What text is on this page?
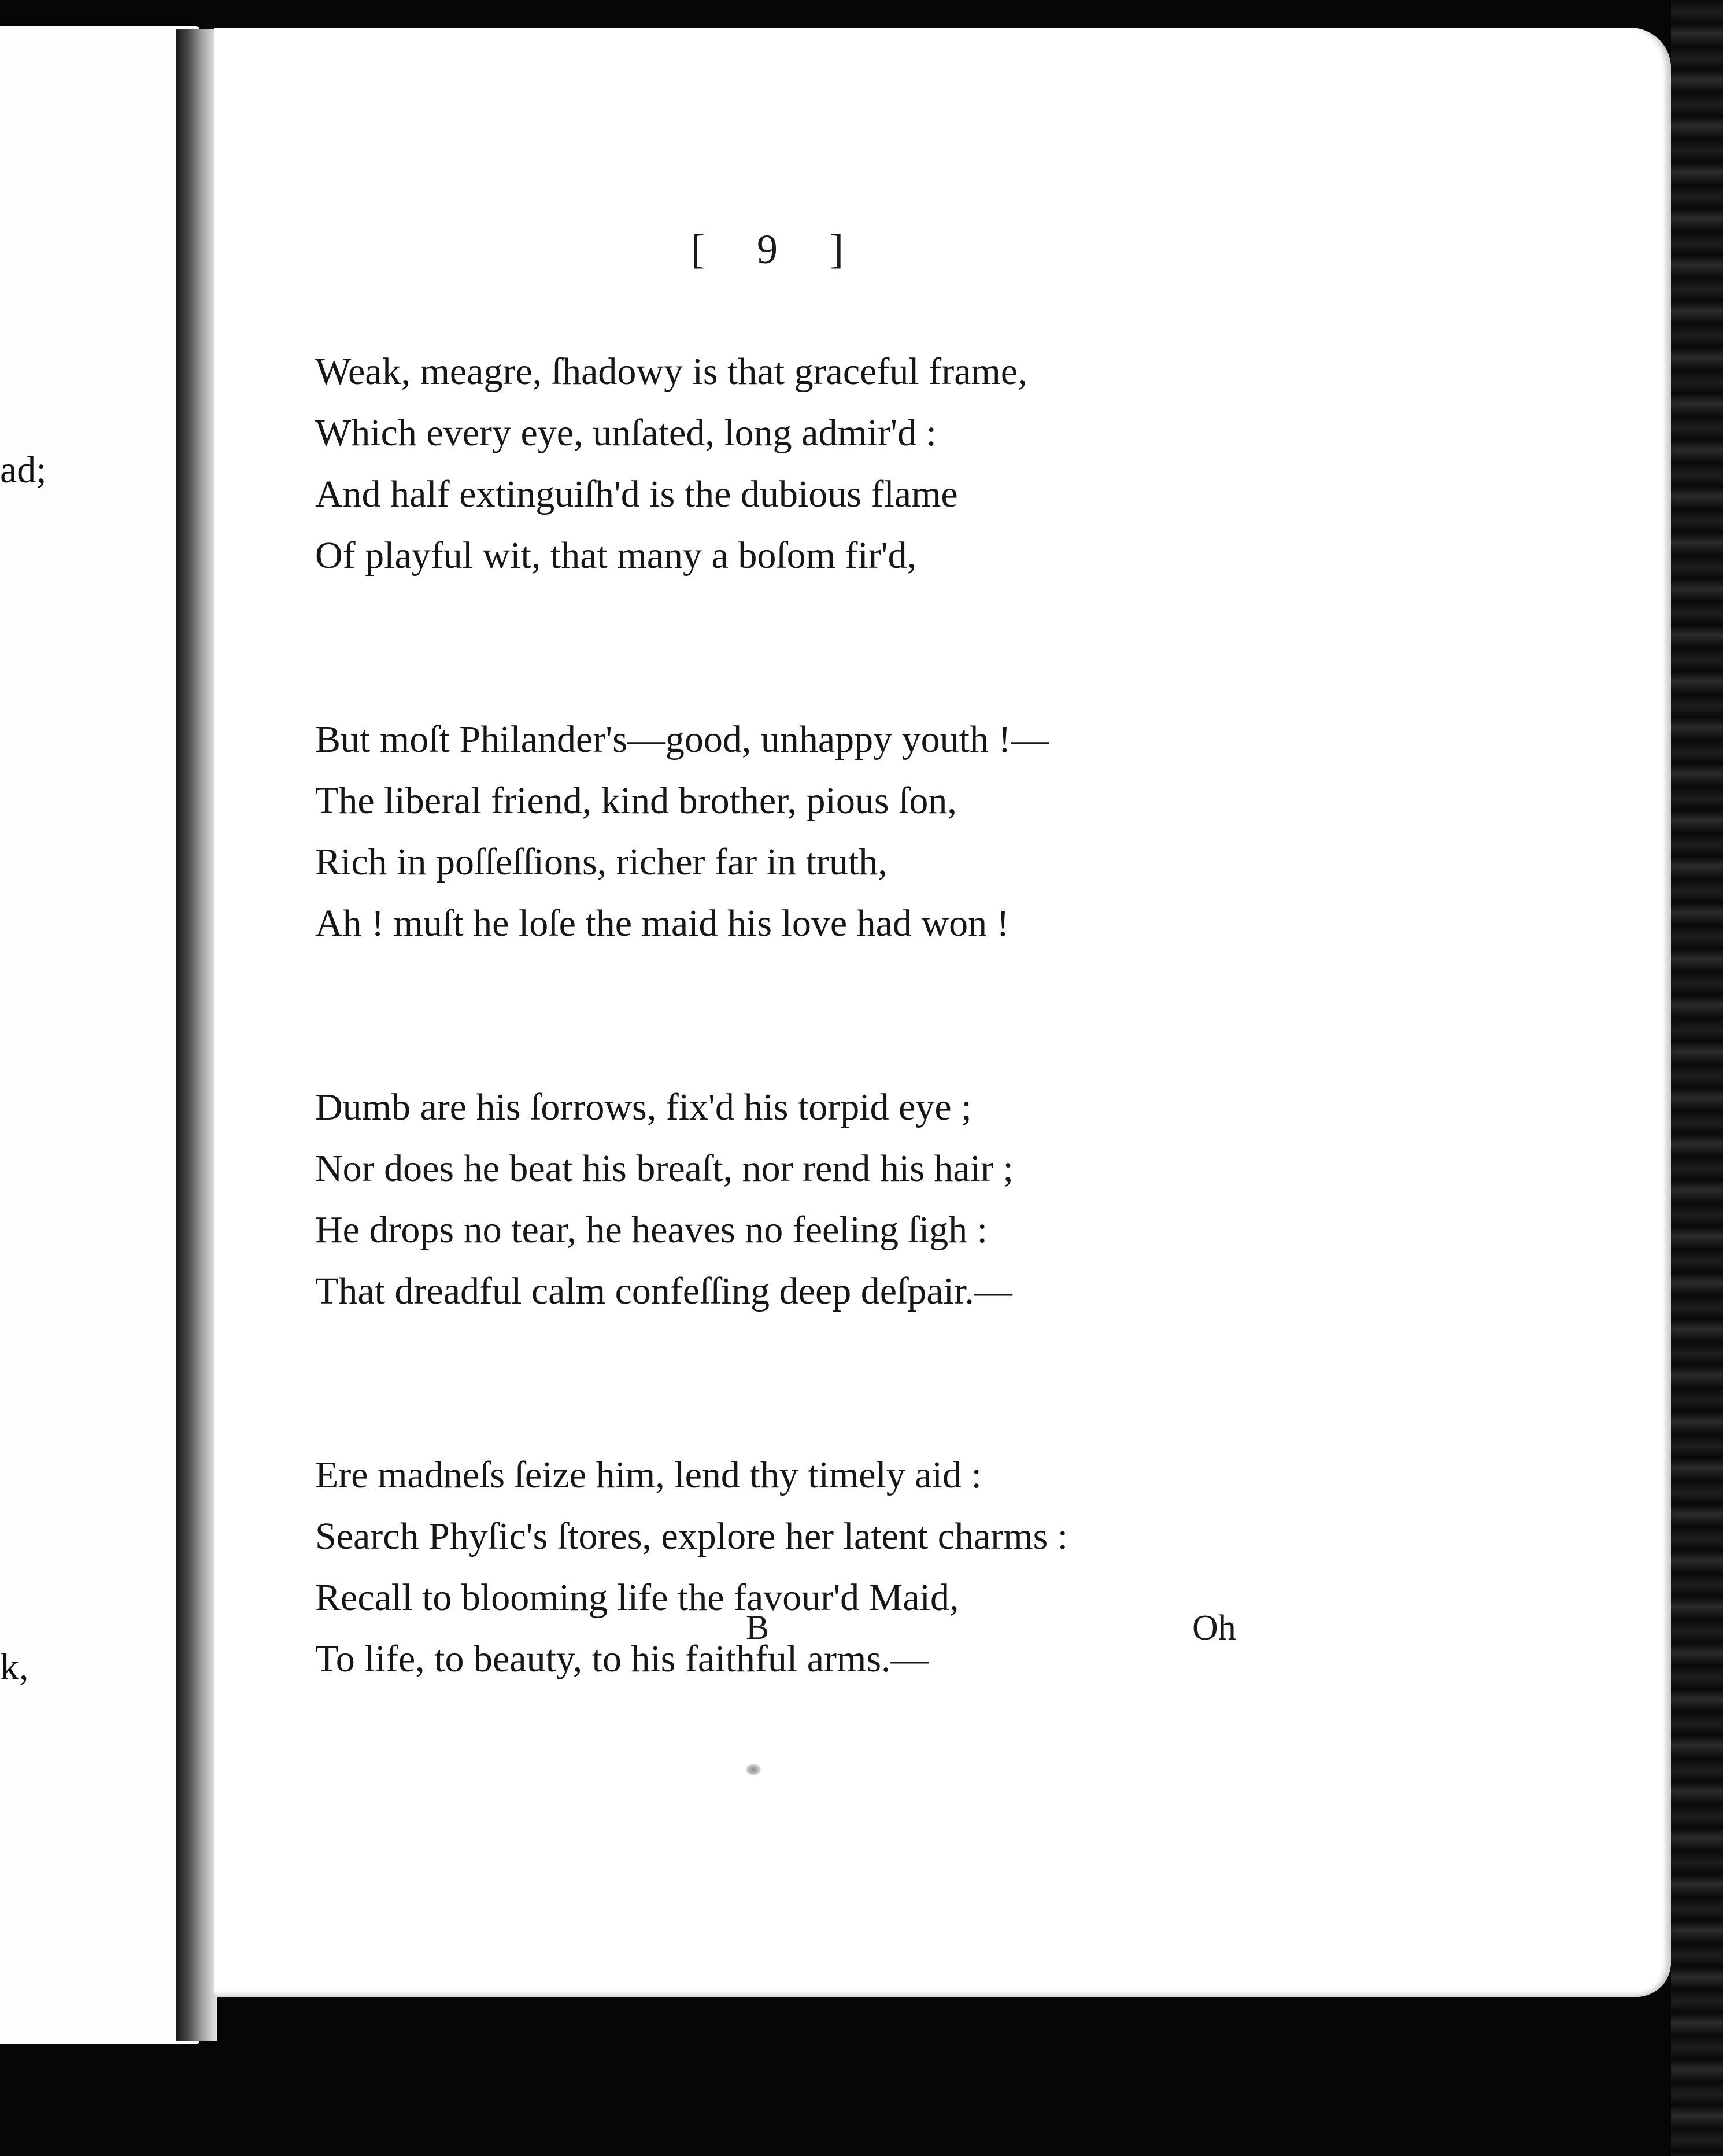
ad;
k,
[ 9 ]
Weak, meagre, ſhadowy is that graceful frame,
Which every eye, unſated, long admir'd :
And half extinguiſh'd is the dubious flame
Of playful wit, that many a boſom fir'd,
But moſt Philander's—good, unhappy youth !—
The liberal friend, kind brother, pious ſon,
Rich in poſſeſſions, richer far in truth,
Ah ! muſt he loſe the maid his love had won !
Dumb are his ſorrows, fix'd his torpid eye ;
Nor does he beat his breaſt, nor rend his hair ;
He drops no tear, he heaves no feeling ſigh :
That dreadful calm confeſſing deep deſpair.—
Ere madneſs ſeize him, lend thy timely aid :
Search Phyſic's ſtores, explore her latent charms :
Recall to blooming life the favour'd Maid,
To life, to beauty, to his faithful arms.—
B	Oh
